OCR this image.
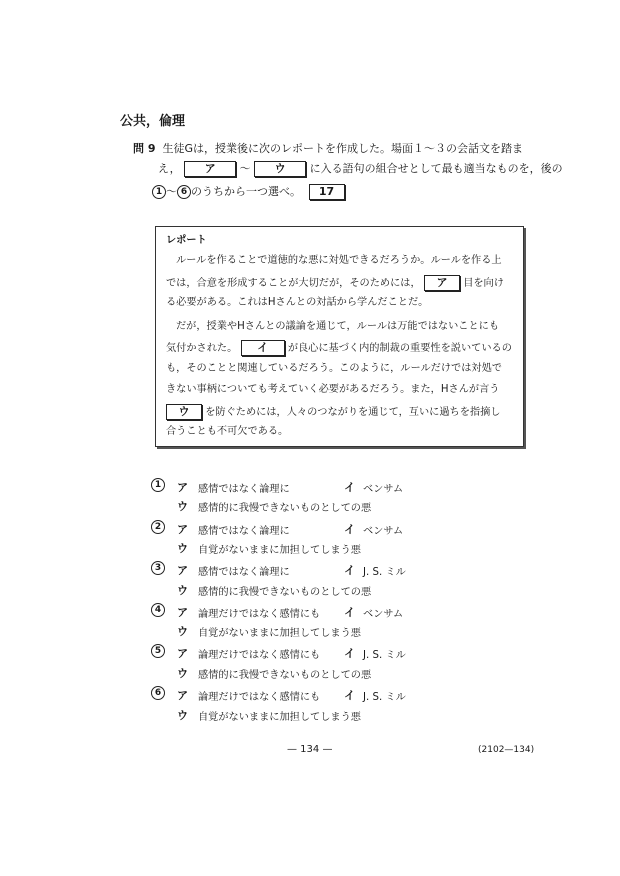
公共，倫理
問 9 生徒Gは，授業後に次のレポートを作成した。場面１～３の会話文を踏ま
え， ア ～ ウ に入る語句の組合せとして最も適当なものを，後の
1 ～ 6 のうちから一つ選べ。 17
レポート
ルールを作ることで道徳的な悪に対処できるだろうか。ルールを作る上
では，合意を形成することが大切だが，そのためには， ア 目を向け
る必要がある。これはHさんとの対話から学んだことだ。
だが，授業やHさんとの議論を通じて，ルールは万能ではないことにも
気付かされた。 イ が良心に基づく内的制裁の重要性を説いているの
も，そのことと関連しているだろう。このように，ルールだけでは対処で
きない事柄についても考えていく必要があるだろう。また，Hさんが言う
ウ を防ぐためには，人々のつながりを通じて，互いに過ちを指摘し
合うことも不可欠である。
1	ア 感情ではなく論理に	イ ベンサム
ウ 感情的に我慢できないものとしての悪
2	ア 感情ではなく論理に	イ ベンサム
ウ 自覚がないままに加担してしまう悪
3	ア 感情ではなく論理に	イ J. S. ミル
ウ 感情的に我慢できないものとしての悪
4	ア 論理だけではなく感情にも イ ベンサム
ウ 自覚がないままに加担してしまう悪
5	ア 論理だけではなく感情にも イ J. S. ミル
ウ 感情的に我慢できないものとしての悪
6	ア 論理だけではなく感情にも イ J. S. ミル
ウ 自覚がないままに加担してしまう悪
— 134 —	(2102—134)
